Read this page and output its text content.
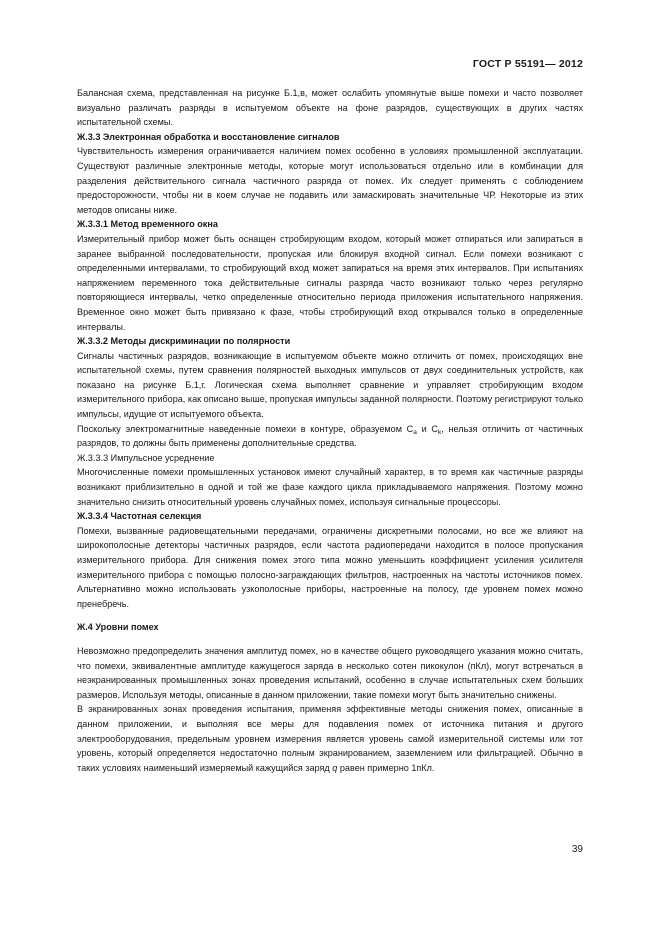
ГОСТ Р 55191— 2012

Балансная схема, представленная на рисунке Б.1,в, может ослабить упомянутые выше помехи и часто позволяет визуально различать разряды в испытуемом объекте на фоне разрядов, существующих в других частях испытательной схемы.

Ж.3.3 Электронная обработка и восстановление сигналов

Чувствительность измерения ограничивается наличием помех особенно в условиях промышленной эксплуатации. Существуют различные электронные методы, которые могут использоваться отдельно или в комбинации для разделения действительного сигнала частичного разряда от помех. Их следует применять с соблюдением предосторожности, чтобы ни в коем случае не подавить или замаскировать значительные ЧР. Некоторые из этих методов описаны ниже.

Ж.3.3.1 Метод временного окна

Измерительный прибор может быть оснащен стробирующим входом, который может отпираться или запираться в заранее выбранной последовательности, пропуская или блокируя входной сигнал. Если помехи возникают с определенными интервалами, то стробирующий вход может запираться на время этих интервалов. При испытаниях напряжением переменного тока действительные сигналы разряда часто возникают только через регулярно повторяющиеся интервалы, четко определенные относительно периода приложения испытательного напряжения. Временное окно может быть привязано к фазе, чтобы стробирующий вход открывался только в определенные интервалы.

Ж.3.3.2 Методы дискриминации по полярности

Сигналы частичных разрядов, возникающие в испытуемом объекте можно отличить от помех, происходящих вне испытательной схемы, путем сравнения полярностей выходных импульсов от двух соединительных устройств, как показано на рисунке Б.1,г. Логическая схема выполняет сравнение и управляет стробирующим входом измерительного прибора, как описано выше, пропуская импульсы заданной полярности. Поэтому регистрируют только импульсы, идущие от испытуемого объекта.

Поскольку электромагнитные наведенные помехи в контуре, образуемом $C_a$ и $C_k$, нельзя отличить от частичных разрядов, то должны быть применены дополнительные средства.

Ж.3.3.3 Импульсное усреднение

Многочисленные помехи промышленных установок имеют случайный характер, в то время как частичные разряды возникают приблизительно в одной и той же фазе каждого цикла прикладываемого напряжения. Поэтому можно значительно снизить относительный уровень случайных помех, используя сигнальные процессоры.

Ж.3.3.4 Частотная селекция

Помехи, вызванные радиовещательными передачами, ограничены дискретными полосами, но все же влияют на широкополосные детекторы частичных разрядов, если частота радиопередачи находится в полосе пропускания измерительного прибора. Для снижения помех этого типа можно уменьшить коэффициент усиления усилителя измерительного прибора с помощью полосно-заграждающих фильтров, настроенных на частоты источников помех. Альтернативно можно использовать узкополосные приборы, настроенные на полосу, где уровнем помех можно пренебречь.

Ж.4 Уровни помех

Невозможно предопределить значения амплитуд помех, но в качестве общего руководящего указания можно считать, что помехи, эквивалентные амплитуде кажущегося заряда в несколько сотен пикокулон (пКл), могут встречаться в неэкранированных промышленных зонах проведения испытаний, особенно в случае испытательных схем больших размеров. Используя методы, описанные в данном приложении, такие помехи могут быть значительно снижены.

В экранированных зонах проведения испытания, применяя эффективные методы снижения помех, описанные в данном приложении, и выполняя все меры для подавления помех от источника питания и другого электрооборудования, предельным уровнем измерения является уровень самой измерительной системы или тот уровень, который определяется недостаточно полным экранированием, заземлением или фильтрацией. Обычно в таких условиях наименьший измеряемый кажущийся заряд q равен примерно 1пКл.

39
